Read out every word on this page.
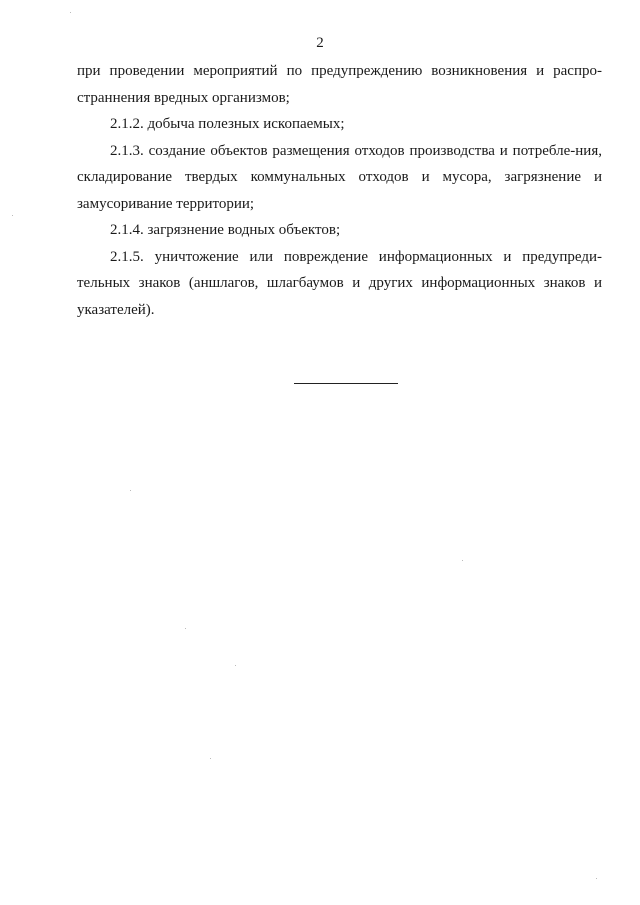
2

при проведении мероприятий по предупреждению возникновения и распро-страннения вредных организмов;

2.1.2. добыча полезных ископаемых;

2.1.3. создание объектов размещения отходов производства и потребле-ния, складирование твердых коммунальных отходов и мусора, загрязнение и замусоривание территории;

2.1.4. загрязнение водных объектов;

2.1.5. уничтожение или повреждение информационных и предупреди-тельных знаков (аншлагов, шлагбаумов и других информационных знаков и указателей).
